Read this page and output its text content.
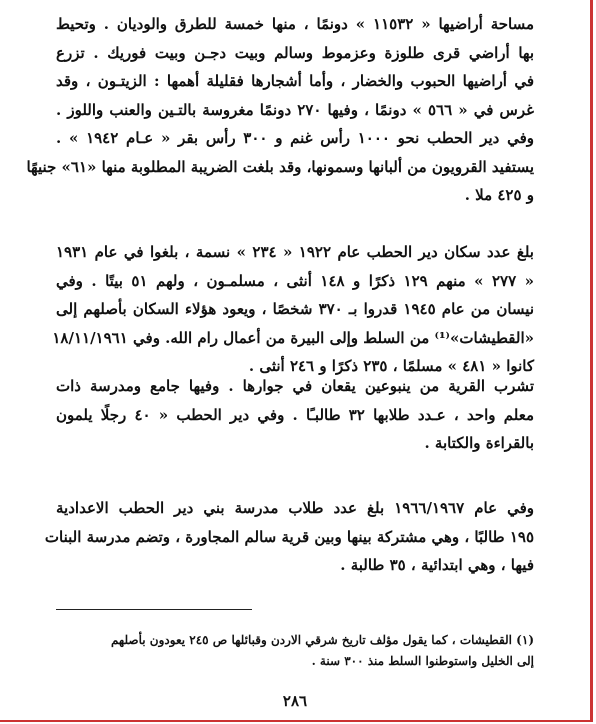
مساحة أراضيها « ١١٥٣٢ » دونمًا ، منها خمسة للطرق والوديان . وتحيط

بها أراضي قرى طلوزة وعزموط وسالم وبيت دجـن وبيت فوريك . تزرع

في أراضيها الحبوب والخضار ، وأما أشجارها فقليلة أهمها : الزيتـون ، وقد

غرس في « ٥٦٦ » دونمًا ، وفيها ٢٧٠ دونمًا مغروسة بالتـين والعنب واللوز .

وفي دير الحطب نحو ١٠٠٠ رأس غنم و ٣٠٠ رأس بقر « عـام ١٩٤٢ » .

يستفيد القرويون من ألبانها وسمونها، وقد بلغت الضريبة المطلوبة منها «٦١» جنيهًا

و ٤٢٥ ملا .

بلغ عدد سكان دير الحطب عام ١٩٢٢ « ٢٣٤ » نسمة ، بلغوا في عام ١٩٣١

« ٢٧٧ » منهم ١٢٩ ذكرًا و ١٤٨ أنثى ، مسلمـون ، ولهم ٥١ بيتًا . وفي

نيسان من عام ١٩٤٥ قدروا بـ ٣٧٠ شخصًا ، ويعود هؤلاء السكان بأصلهم إلى

«القطيشات»⁽¹⁾ من السلط وإلى البيرة من أعمال رام الله. وفي ١٨/١١/١٩٦١

كانوا « ٤٨١ » مسلمًا ، ٢٣٥ ذكرًا و ٢٤٦ أنثى .

تشرب القرية من ينبوعين يقعان في جوارها . وفيها جامع ومدرسة ذات

معلم واحد ، عـدد طلابها ٣٢ طالبـًا . وفي دير الحطب « ٤٠ رجلًا يلمون

بالقراءة والكتابة .

وفي عام ١٩٦٦/١٩٦٧ بلغ عدد طلاب مدرسة بني دير الحطب الاعدادية

١٩٥ طالبًا ، وهي مشتركة بينها وبين قرية سالم المجاورة ، وتضم مدرسة البنات

فيها ، وهي ابتدائية ، ٣٥ طالبة .

(١) القطيشات ، كما يقول مؤلف تاريخ شرقي الاردن وقبائلها ص ٢٤٥ يعودون بأصلهم

إلى الخليل واستوطنوا السلط منذ ٣٠٠ سنة .

٢٨٦
